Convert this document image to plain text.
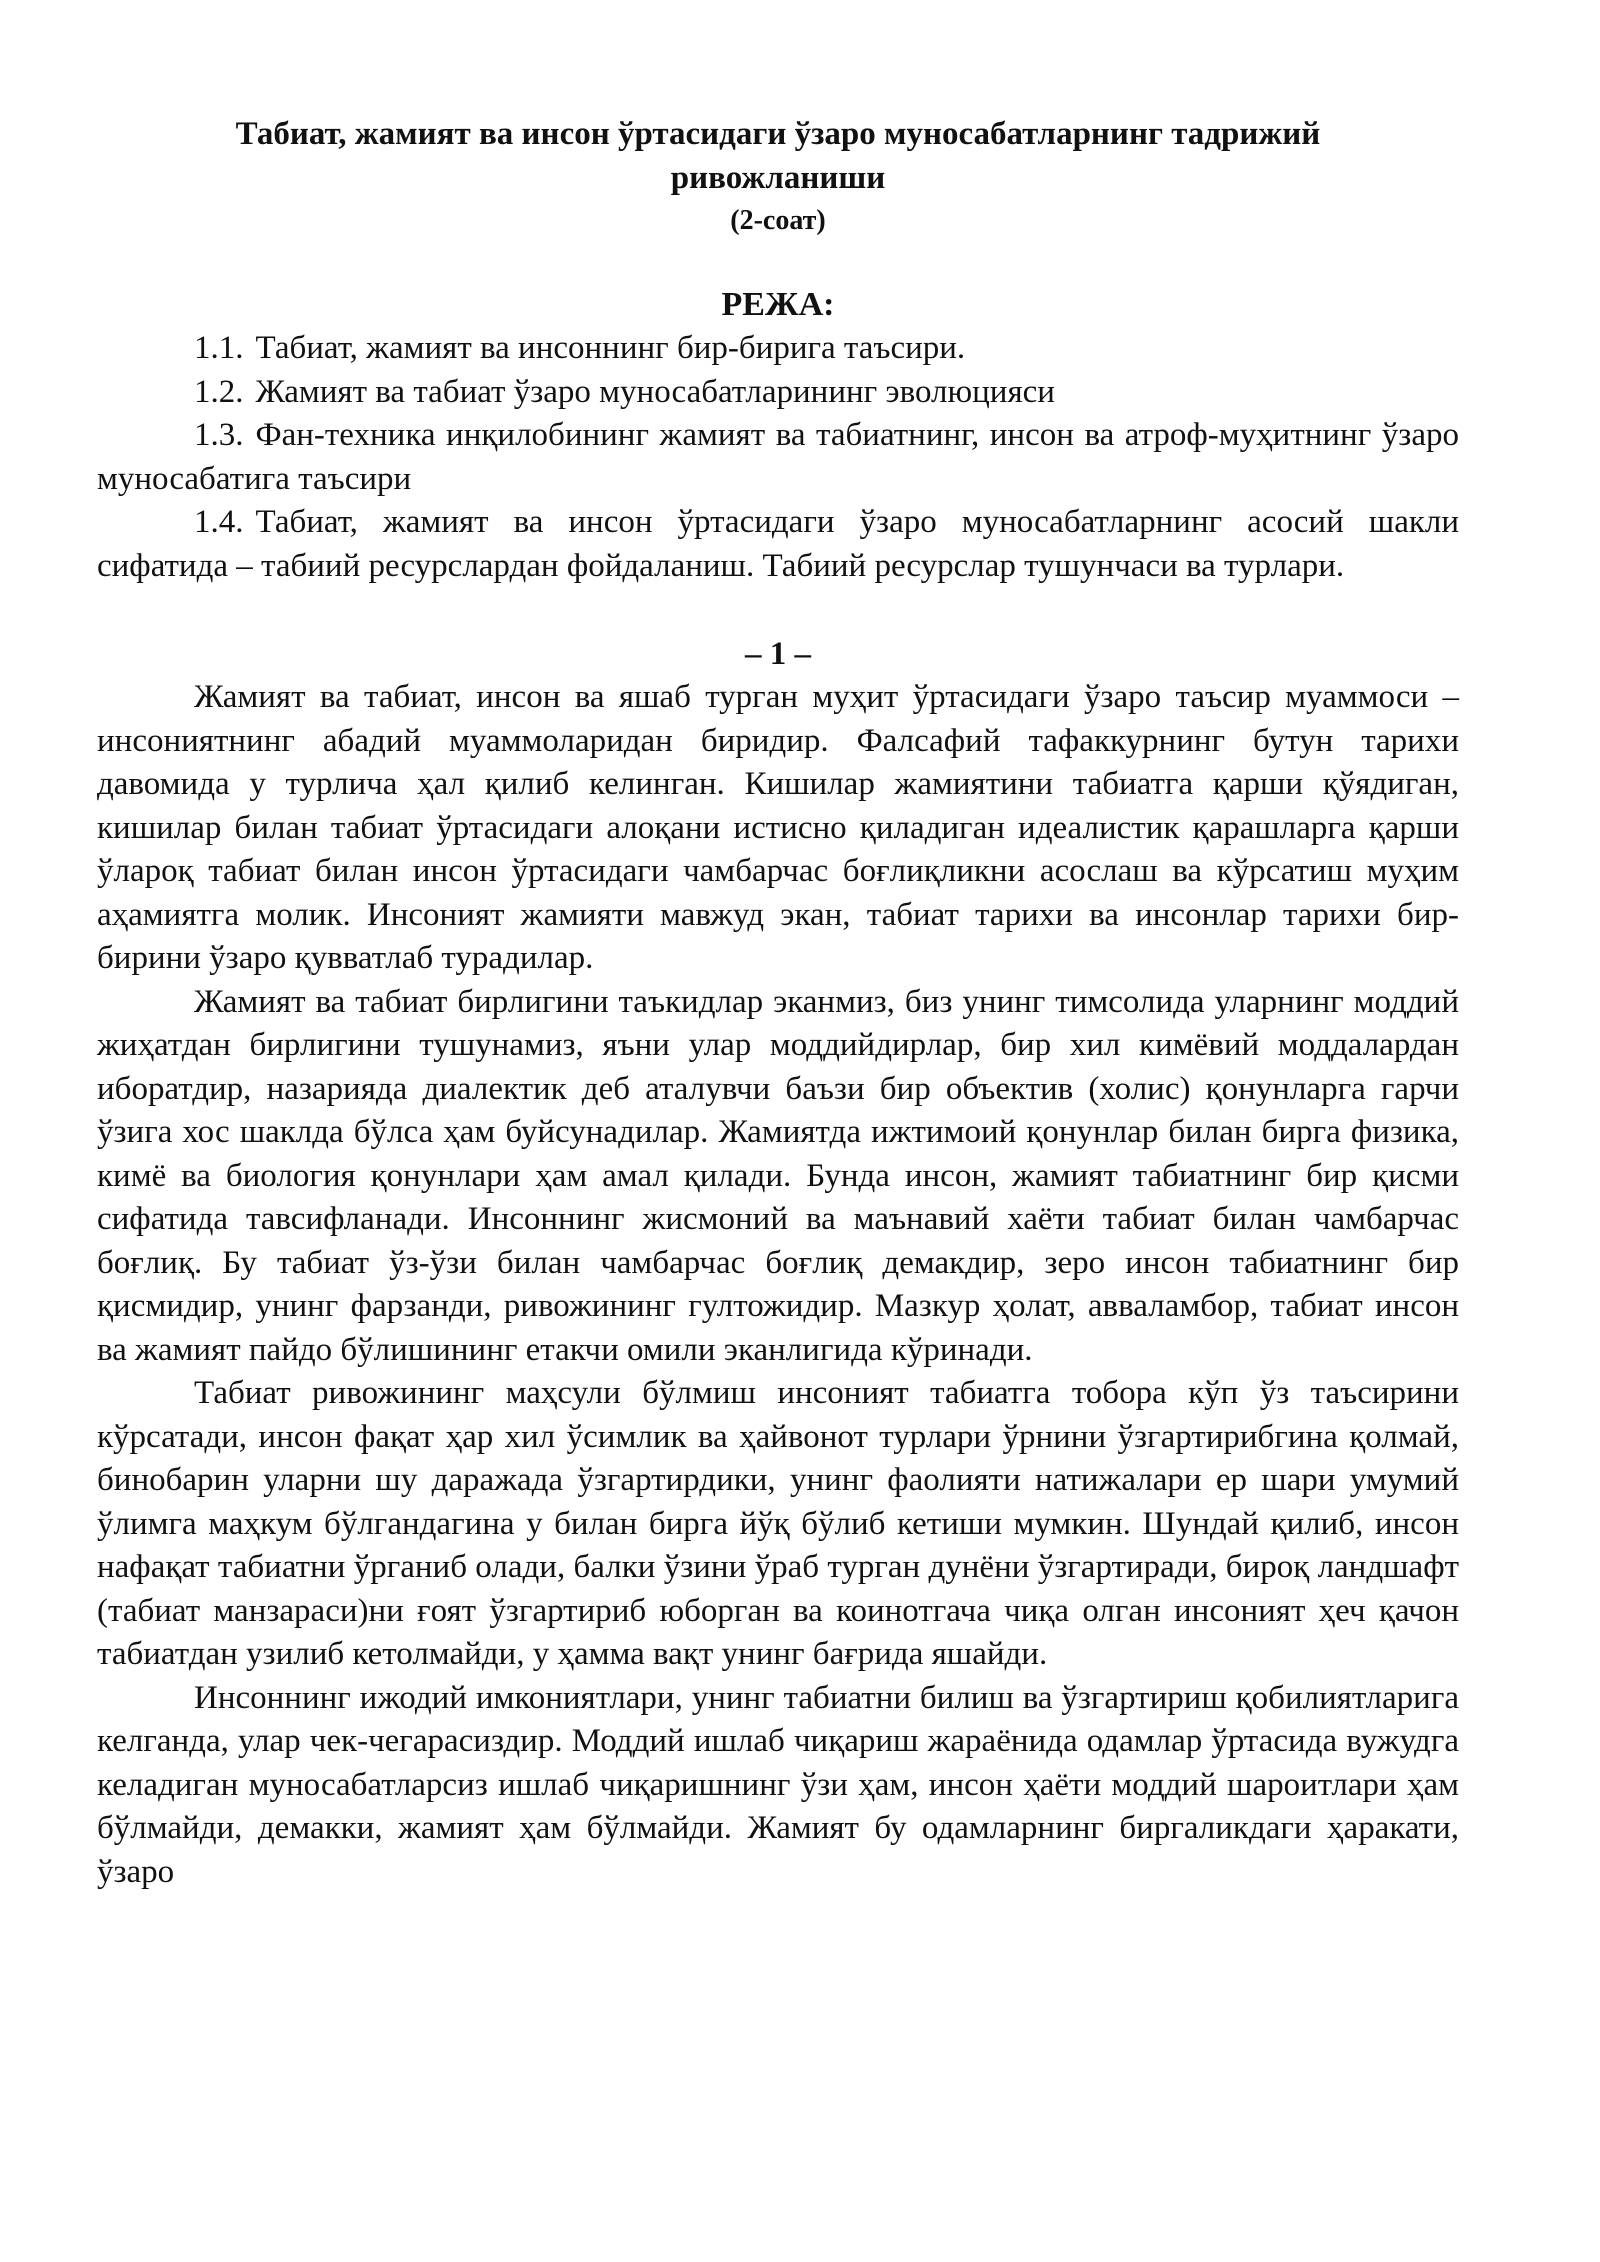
Табиат, жамият ва инсон ўртасидаги ўзаро муносабатларнинг тадрижий ривожланиши
(2-соат)
РЕЖА:
1.1. Табиат, жамият ва инсоннинг бир-бирига таъсири.
1.2. Жамият ва табиат ўзаро муносабатларининг эволюцияси
1.3. Фан-техника инқилобининг жамият ва табиатнинг, инсон ва атроф-муҳитнинг ўзаро муносабатига таъсири
1.4. Табиат, жамият ва инсон ўртасидаги ўзаро муносабатларнинг асосий шакли сифатида – табиий ресурслардан фойдаланиш. Табиий ресурслар тушунчаси ва турлари.
– 1 –

Жамият ва табиат, инсон ва яшаб турган муҳит ўртасидаги ўзаро таъсир муаммоси – инсониятнинг абадий муаммоларидан биридир. Фалсафий тафаккурнинг бутун тарихи давомида у турлича ҳал қилиб келинган. Кишилар жамиятини табиатга қарши қўядиган, кишилар билан табиат ўртасидаги алоқани истисно қиладиган идеалистик қарашларга қарши ўлароқ табиат билан инсон ўртасидаги чамбарчас боғлиқликни асослаш ва кўрсатиш муҳим аҳамиятга молик. Инсоният жамияти мавжуд экан, табиат тарихи ва инсонлар тарихи бир-бирини ўзаро қувватлаб турадилар.

Жамият ва табиат бирлигини таъкидлар эканмиз, биз унинг тимсолида уларнинг моддий жиҳатдан бирлигини тушунамиз, яъни улар моддийдирлар, бир хил кимёвий моддалардан иборатдир, назарияда диалектик деб аталувчи баъзи бир объектив (холис) қонунларга гарчи ўзига хос шаклда бўлса ҳам буйсунадилар. Жамиятда ижтимоий қонунлар билан бирга физика, кимё ва биология қонунлари ҳам амал қилади. Бунда инсон, жамият табиатнинг бир қисми сифатида тавсифланади. Инсоннинг жисмоний ва маънавий хаёти табиат билан чамбарчас боғлиқ. Бу табиат ўз-ўзи билан чамбарчас боғлиқ демакдир, зеро инсон табиатнинг бир қисмидир, унинг фарзанди, ривожининг гултожидир. Мазкур ҳолат, авваламбор, табиат инсон ва жамият пайдо бўлишининг етакчи омили эканлигида кўринади.

Табиат ривожининг маҳсули бўлмиш инсоният табиатга тобора кўп ўз таъсирини кўрсатади, инсон фақат ҳар хил ўсимлик ва ҳайвонот турлари ўрнини ўзгартирибгина қолмай, бинобарин уларни шу даражада ўзгартирдики, унинг фаолияти натижалари ер шари умумий ўлимга маҳкум бўлгандагина у билан бирга йўқ бўлиб кетиши мумкин. Шундай қилиб, инсон нафақат табиатни ўрганиб олади, балки ўзини ўраб турган дунёни ўзгартиради, бироқ ландшафт (табиат манзараси)ни ғоят ўзгартириб юборган ва коинотгача чиқа олган инсоният ҳеч қачон табиатдан узилиб кетолмайди, у ҳамма вақт унинг бағрида яшайди.

Инсоннинг ижодий имкониятлари, унинг табиатни билиш ва ўзгартириш қобилиятларига келганда, улар чек-чегарасиздир. Моддий ишлаб чиқариш жараёнида одамлар ўртасида вужудга келадиган муносабатларсиз ишлаб чиқаришнинг ўзи ҳам, инсон ҳаёти моддий шароитлари ҳам бўлмайди, демакки, жамият ҳам бўлмайди. Жамият бу одамларнинг биргаликдаги ҳаракати, ўзаро
